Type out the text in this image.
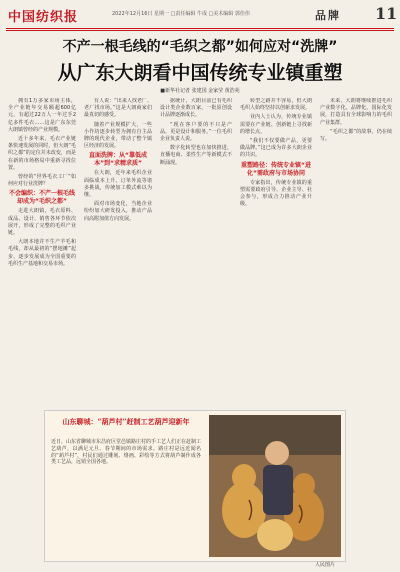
中国纺织报	2022年12月16日 星期一 □责任编辑 牛成 □美术编辑 郭佳伟	品牌 11
不产一根毛线的“毛织之都”如何应对“洗牌”
从广东大朗看中国传统专业镇重塑
■新华社记者 张建国 金家莹 黄浩苑

拥有1万多家市场主体，全产业链年交易额超600亿元，有超过22万人一年过手2亿多件毛衣……这是广东东莞大朗镇曾经的产业规模。

近十多年来，毛衣产业链条快速发展的同时，但大朗“毛织之都”的定位并未改变，而是在新的市场格局中重新寻找位置。

曾经的“世界毛衣工厂”如何应对行业洗牌？

不会编织：不产一根毛线却成为“毛织之都”

走进大朗镇，毛衣原料、成品、设计、销售各环节依次展开，形成了完整的毛织产业链。

大朗本地并不生产羊毛和毛线，却从最初的“摆地摊”起步，逐步发展成为全国重要的毛织生产基地和交易市场。

有人说：“出来人找老厂、老厂找市场。”这是大朗商家们最真切的感受。

随着产业规模扩大，一些小作坊逐步转型为拥有自主品牌的现代企业，带动了整个镇区经济的发展。

直面洗牌：从“靠低成本”到“求精求质”

在大朗，近年来毛织企业面临成本上升、订单外流等诸多挑战，传统加工模式难以为继。

面对市场变化，当地企业纷纷加大研发投入，推动产品向高附加值方向发展。

据统计，大朗目前已有毛织设计类企业数百家，一批原创设计品牌逐渐成长。

“现在客户要的不只是产品，更是设计和服务。”一位毛织企业负责人说。

数字化转型也在加快推进，直播电商、柔性生产等新模式不断涌现。

转型之路并不容易，但大朗毛织人始终坚持以创新求发展。

业内人士认为，传统专业镇需要在产业链、创新链上寻找新的增长点。

“我们不仅要做产品，更要做品牌。”这已成为许多大朗企业的共识。

重塑路径：传统专业镇“进化”需政府与市场协同

专家指出，传统专业镇的重塑需要政府引导、企业主导、社会参与，形成合力推动产业升级。

未来，大朗将继续推进毛织产业数字化、品牌化、国际化发展，打造具有全球影响力的毛织产业集群。

“毛织之都”的故事，仍在续写。

山东聊城：“葫芦村”赶制工艺葫芦迎新年
近日，山东省聊城市东昌府区堂邑镇路庄村的手工艺人们正在赶制工艺葫芦，以满足元旦、春节期间的市场需求。路庄村是远近闻名的“葫芦村”，村民们通过雕刻、烙画、彩绘等方式将葫芦制作成各类工艺品，远销全国各地。
人民图片
